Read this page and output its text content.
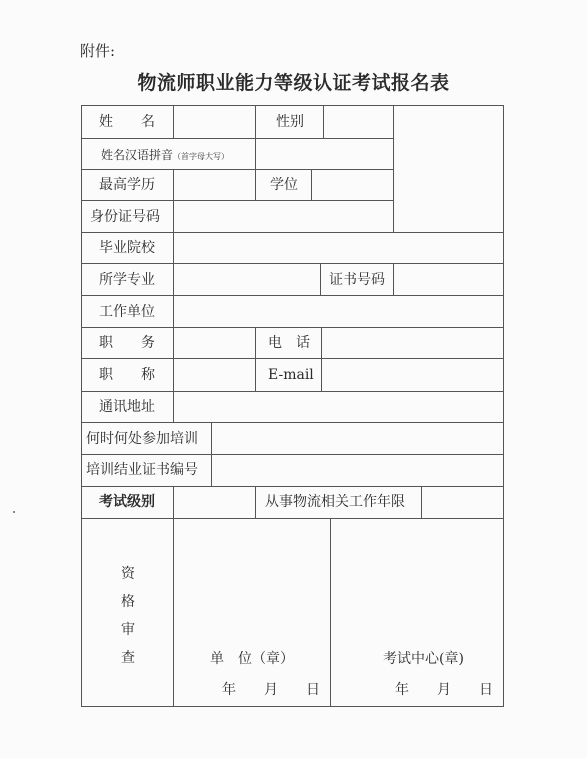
附件:
物流师职业能力等级认证考试报名表
姓　　名	性别
姓名汉语拼音（首字母大写）
最高学历	学位
身份证号码
毕业院校
所学专业	证书号码
工作单位
职　　务	电　话
职　　称	E-mail
通讯地址
何时何处参加培训
培训结业证书编号
考试级别	从事物流相关工作年限
资
格
审
查	单　位（章）	考试中心(章)
年　　月　　日	年　　月　　日
